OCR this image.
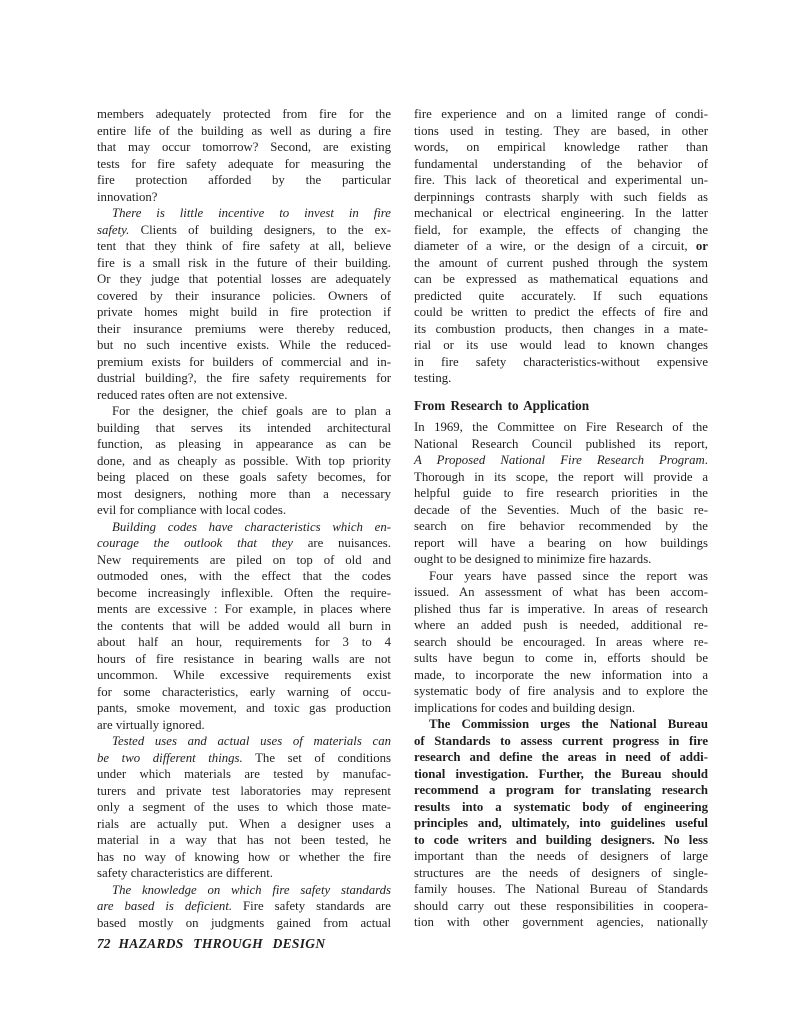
members adequately protected from fire for the
entire life of the building as well as during a fire
that may occur tomorrow? Second, are existing
tests for fire safety adequate for measuring the
fire protection afforded by the particular
innovation?
There is little incentive to invest in fire
safety. Clients of building designers, to the ex-
tent that they think of fire safety at all, believe
fire is a small risk in the future of their building.
Or they judge that potential losses are adequately
covered by their insurance policies. Owners of
private homes might build in fire protection if
their insurance premiums were thereby reduced,
but no such incentive exists. While the reduced-
premium exists for builders of commercial and in-
dustrial building?, the fire safety requirements for
reduced rates often are not extensive.
For the designer, the chief goals are to plan a
building that serves its intended architectural
function, as pleasing in appearance as can be
done, and as cheaply as possible. With top priority
being placed on these goals safety becomes, for
most designers, nothing more than a necessary
evil for compliance with local codes.
Building codes have characteristics which en-
courage the outlook that they are nuisances.
New requirements are piled on top of old and
outmoded ones, with the effect that the codes
become increasingly inflexible. Often the require-
ments are excessive : For example, in places where
the contents that will be added would all burn in
about half an hour, requirements for 3 to 4
hours of fire resistance in bearing walls are not
uncommon. While excessive requirements exist
for some characteristics, early warning of occu-
pants, smoke movement, and toxic gas production
are virtually ignored.
Tested uses and actual uses of materials can
be two different things. The set of conditions
under which materials are tested by manufac-
turers and private test laboratories may represent
only a segment of the uses to which those mate-
rials are actually put. When a designer uses a
material in a way that has not been tested, he
has no way of knowing how or whether the fire
safety characteristics are different.
The knowledge on which fire safety standards
are based is deficient. Fire safety standards are
based mostly on judgments gained from actual
fire experience and on a limited range of condi-
tions used in testing. They are based, in other
words, on empirical knowledge rather than
fundamental understanding of the behavior of
fire. This lack of theoretical and experimental un-
derpinnings contrasts sharply with such fields as
mechanical or electrical engineering. In the latter
field, for example, the effects of changing the
diameter of a wire, or the design of a circuit, or
the amount of current pushed through the system
can be expressed as mathematical equations and
predicted quite accurately. If such equations
could be written to predict the effects of fire and
its combustion products, then changes in a mate-
rial or its use would lead to known changes
in fire safety characteristics-without expensive
testing.
From Research to Application
In 1969, the Committee on Fire Research of the
National Research Council published its report,
A Proposed National Fire Research Program.
Thorough in its scope, the report will provide a
helpful guide to fire research priorities in the
decade of the Seventies. Much of the basic re-
search on fire behavior recommended by the
report will have a bearing on how buildings
ought to be designed to minimize fire hazards.
Four years have passed since the report was
issued. An assessment of what has been accom-
plished thus far is imperative. In areas of research
where an added push is needed, additional re-
search should be encouraged. In areas where re-
sults have begun to come in, efforts should be
made, to incorporate the new information into a
systematic body of fire analysis and to explore the
implications for codes and building design.
The Commission urges the National Bureau
of Standards to assess current progress in fire
research and define the areas in need of addi-
tional investigation. Further, the Bureau should
recommend a program for translating research
results into a systematic body of engineering
principles and, ultimately, into guidelines useful
to code writers and building designers. No less
important than the needs of designers of large
structures are the needs of designers of single-
family houses. The National Bureau of Standards
should carry out these responsibilities in coopera-
tion with other government agencies, nationally
72 HAZARDS THROUGH DESIGN
